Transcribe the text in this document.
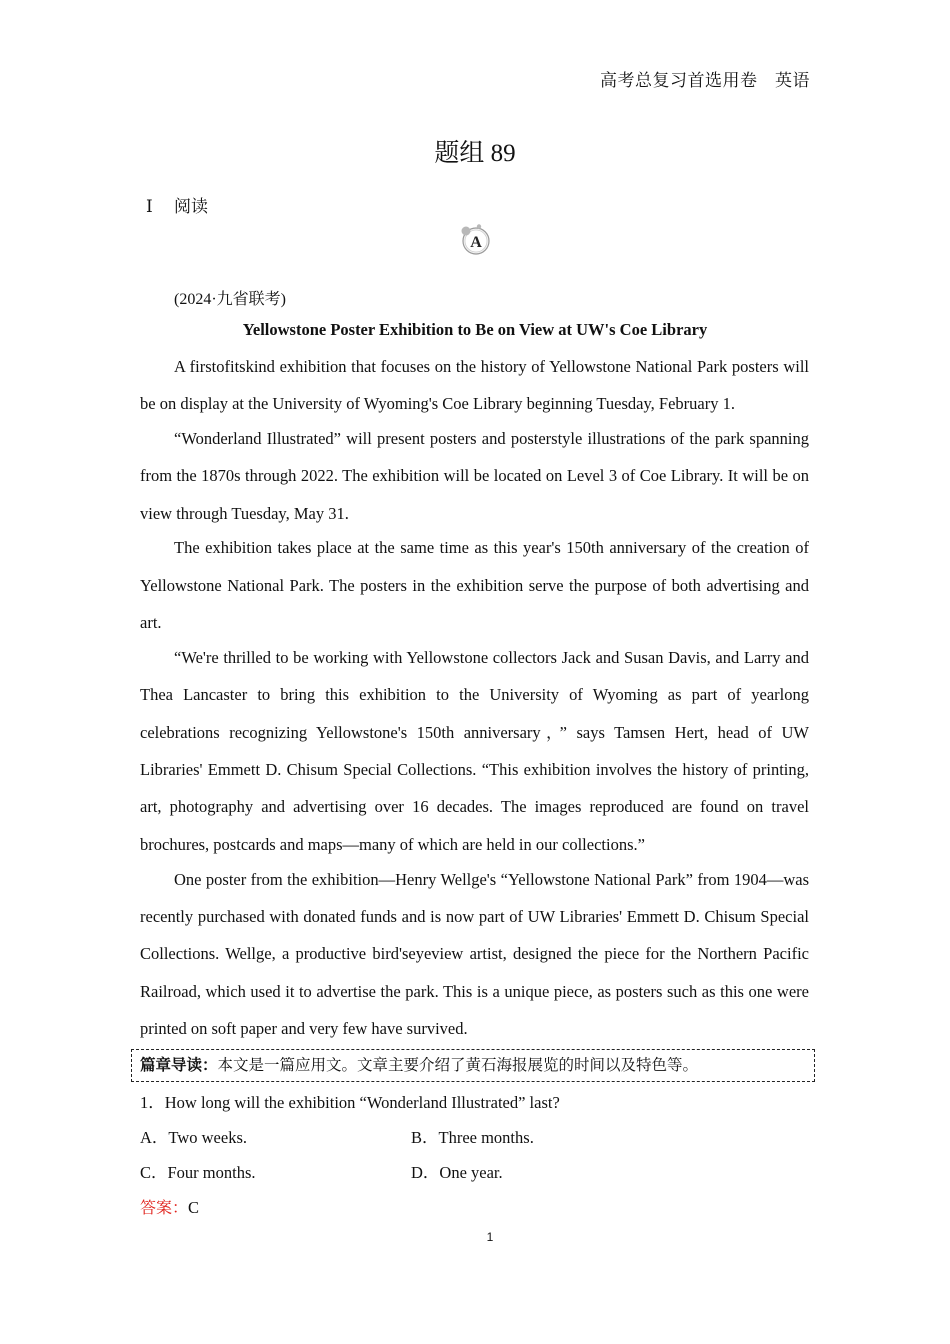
高考总复习首选用卷　英语
题组 89
Ⅰ 阅读
A
(2024·九省联考)
Yellowstone Poster Exhibition to Be on View at UW's Coe Library

A firstofitskind exhibition that focuses on the history of Yellowstone National Park posters will be on display at the University of Wyoming's Coe Library beginning Tuesday, February 1.

“Wonderland Illustrated” will present posters and posterstyle illustrations of the park spanning from the 1870s through 2022. The exhibition will be located on Level 3 of Coe Library. It will be on view through Tuesday, May 31.

The exhibition takes place at the same time as this year's 150th anniversary of the creation of Yellowstone National Park. The posters in the exhibition serve the purpose of both advertising and art.

“We're thrilled to be working with Yellowstone collectors Jack and Susan Davis, and Larry and Thea Lancaster to bring this exhibition to the University of Wyoming as part of yearlong celebrations recognizing Yellowstone's 150th anniversary，” says Tamsen Hert, head of UW Libraries' Emmett D. Chisum Special Collections. “This exhibition involves the history of printing, art, photography and advertising over 16 decades. The images reproduced are found on travel brochures, postcards and maps—many of which are held in our collections.”

One poster from the exhibition—Henry Wellge's “Yellowstone National Park” from 1904—was recently purchased with donated funds and is now part of UW Libraries' Emmett D. Chisum Special Collections. Wellge, a productive bird'seyeview artist, designed the piece for the Northern Pacific Railroad, which used it to advertise the park. This is a unique piece, as posters such as this one were printed on soft paper and very few have survived.

篇章导读：本文是一篇应用文。文章主要介绍了黄石海报展览的时间以及特色等。
1．How long will the exhibition “Wonderland Illustrated” last?
A．Two weeks.	B．Three months.
C．Four months.	D．One year.
答案：C
1
